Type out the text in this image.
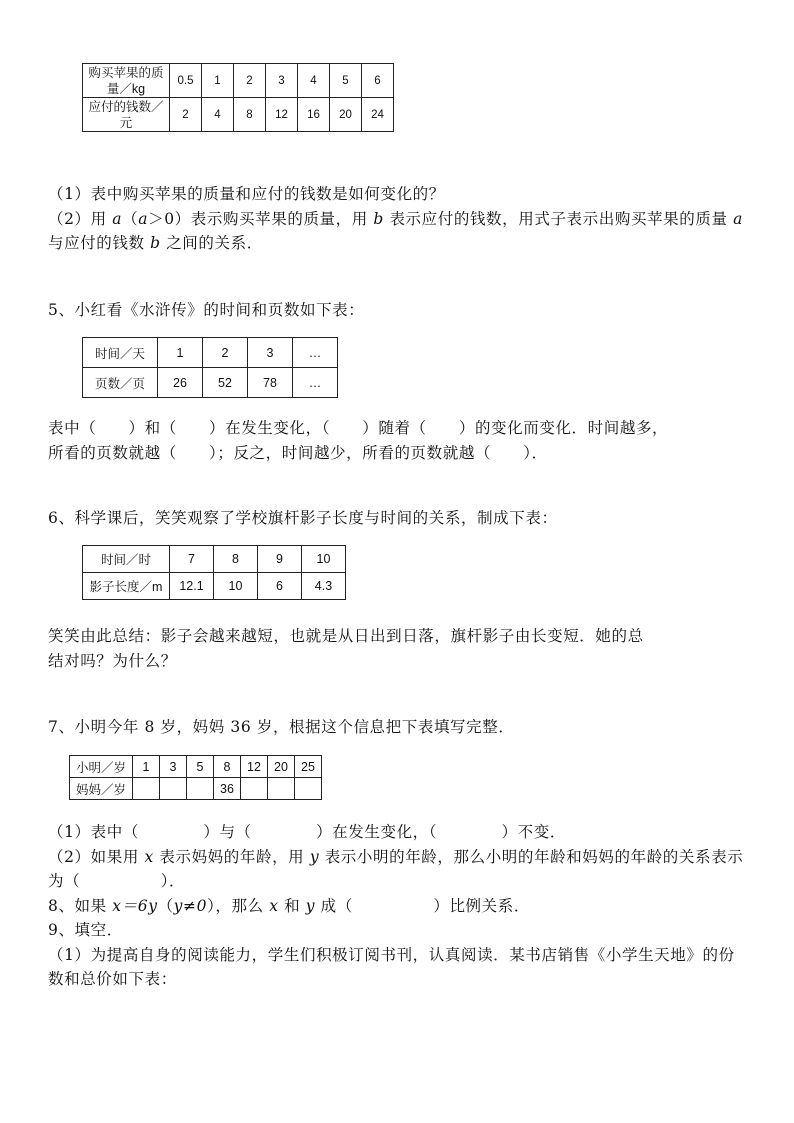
购买苹果的质量／kg	0.5	1	2	3	4	5	6
应付的钱数／元	2	4	8	12	16	20	24
（1）表中购买苹果的质量和应付的钱数是如何变化的？
（2）用 a（a＞0）表示购买苹果的质量，用 b 表示应付的钱数，用式子表示出购买苹果的质量 a 与应付的钱数 b 之间的关系．
5、小红看《水浒传》的时间和页数如下表：
时间／天	1	2	3	…
页数／页	26	52	78	…
表中（　　）和（　　）在发生变化，（　　）随着（　　）的变化而变化．时间越多，
所看的页数就越（　　）；反之，时间越少，所看的页数就越（　　）．
6、科学课后，笑笑观察了学校旗杆影子长度与时间的关系，制成下表：
时间／时	7	8	9	10
影子长度／m	12.1	10	6	4.3
笑笑由此总结：影子会越来越短，也就是从日出到日落，旗杆影子由长变短．她的总
结对吗？为什么？
7、小明今年 8 岁，妈妈 36 岁，根据这个信息把下表填写完整．
小明／岁	1	3	5	8	12	20	25
妈妈／岁				36			
（1）表中（　　　　）与（　　　　）在发生变化，（　　　　）不变．
（2）如果用 x 表示妈妈的年龄，用 y 表示小明的年龄，那么小明的年龄和妈妈的年龄的关系表示为（　　　　　）．
8、如果 x＝6y（y≠0），那么 x 和 y 成（　　　　　）比例关系．
9、填空．
（1）为提高自身的阅读能力，学生们积极订阅书刊，认真阅读．某书店销售《小学生天地》的份数和总价如下表：
